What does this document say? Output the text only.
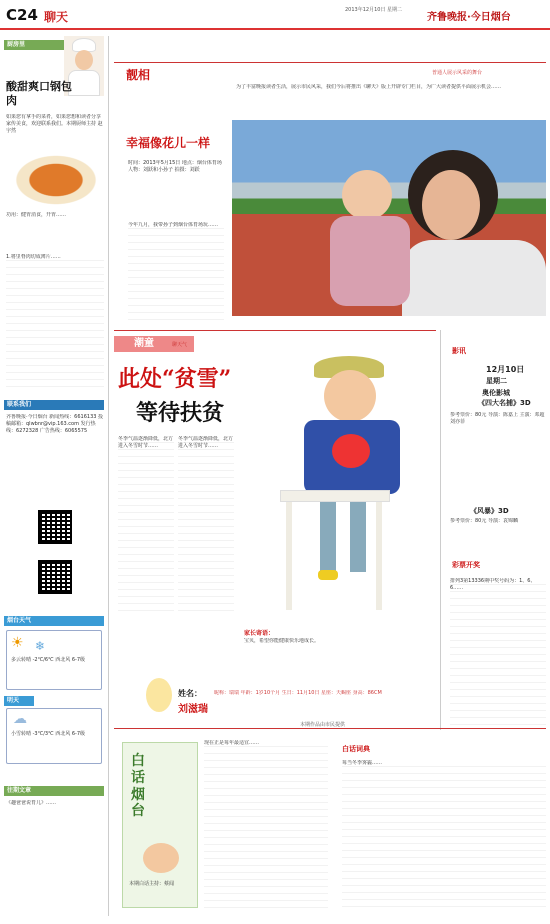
C24 聊天	2013年12月10日 星期二
齐鲁晚报·今日烟台
厨房里
酸甜爽口钢包肉
如果您有拿手的菜肴，如果您想和读者分享家传美食，欢迎联系我们。本期厨师主持 赵宇然
功用：健胃消食，开胃……
1.将里脊肉切成薄片……
联系我们
齐鲁晚报·今日烟台 新闻热线：6616133 投稿邮箱：qlwbnr@vip.163.com 发行热线：6272328 广告热线：6065575
烟台天气
☀ ❄
多云转晴 -2℃/6℃ 西北风 6-7级
明天
☁
小雪转晴 -3℃/3℃ 西北风 6-7级
往期文章
《趣爸爸说育儿》……
靓相	普通人展示风采的舞台
为了丰富晚报读者生活，展示市民风采，我们今后将推出《聊天》版上开辟专门栏目，为广大读者提供平面展示机会……
幸福像花儿一样
时间：2013年5月15日 地点：烟台体育场 人物：刘跃和小孙子 拍摄：刘跃
今年九月，我带孙子到烟台体育场玩……
潮童	聊天气
此处“贫雪”
等待扶贫
冬季气温逐渐降低，北方进入冬雪时节……
冬季气温逐渐降低，北方进入冬雪时节……
家长寄语：
宝贝，希望你能健康快乐地成长。
姓名：
刘滋瑞
昵称：瑞瑞 年龄：1岁10个月 生日：11月10日 星座：天蝎座 身高：86CM
本期作品由市民提供
影讯
12月10日
星期二
奥伦影城
《四大名捕》3D
参考票价：80元 导演：陈嘉上 主演：邓超 刘亦菲
《风暴》3D
参考票价：80元 导演：袁锦麟
彩票开奖
排列3第13336期中奖号码为：1、6、6……
白话烟台
本期白话主持：蔡闻
现在正是每年最适宜……
白话词典
每当冬季雾霾……
